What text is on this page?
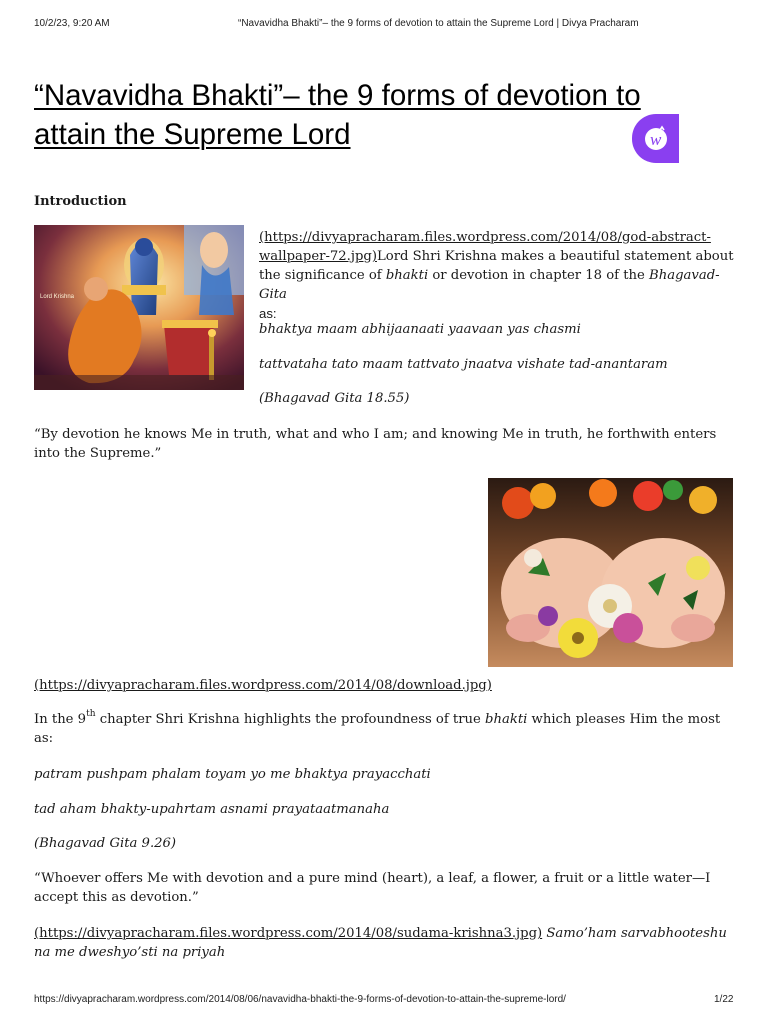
10/2/23, 9:20 AM	“Navavidha Bhakti”– the 9 forms of devotion to attain the Supreme Lord | Divya Pracharam
“Navavidha Bhakti”– the 9 forms of devotion to attain the Supreme Lord	w
Introduction
Lord Krishna
(https://divyapracharam.files.wordpress.com/2014/08/god-abstract-wallpaper-72.jpg)Lord Shri Krishna makes a beautiful statement about the significance of bhakti or devotion in chapter 18 of the Bhagavad-Gita
as:
bhaktya maam abhijaanaati yaavaan yas chasmi
tattvataha tato maam tattvato jnaatva vishate tad-anantaram
(Bhagavad Gita 18.55)
“By devotion he knows Me in truth, what and who I am; and knowing Me in truth, he forthwith enters into the Supreme.”
(https://divyapracharam.files.wordpress.com/2014/08/download.jpg)
In the 9th chapter Shri Krishna highlights the profoundness of true bhakti which pleases Him the most as:
patram pushpam phalam toyam yo me bhaktya prayacchati
tad aham bhakty-upahrtam asnami prayataatmanaha
(Bhagavad Gita 9.26)
“Whoever offers Me with devotion and a pure mind (heart), a leaf, a flower, a fruit or a little water—I accept this as devotion.”
(https://divyapracharam.files.wordpress.com/2014/08/sudama-krishna3.jpg) Samo’ham sarvabhooteshu na me dweshyo’sti na priyah
https://divyapracharam.wordpress.com/2014/08/06/navavidha-bhakti-the-9-forms-of-devotion-to-attain-the-supreme-lord/	1/22
